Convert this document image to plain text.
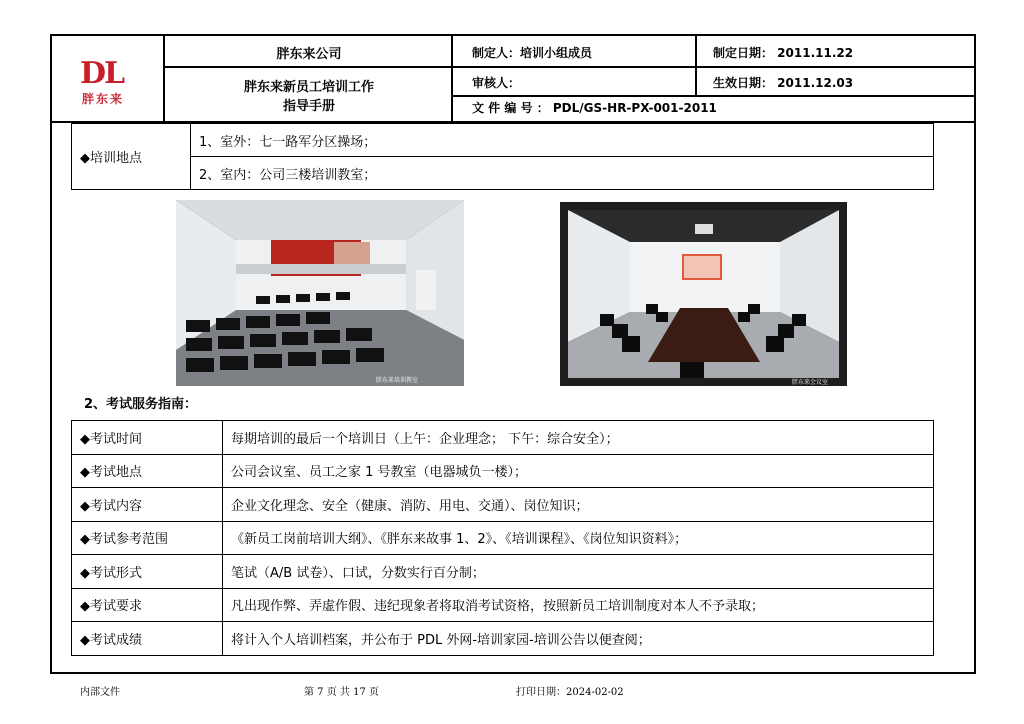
DL
胖东来
胖东来公司
胖东来新员工培训工作
指导手册
制定人：培训小组成员
审核人：
文 件 编 号 ： PDL/GS-HR-PX-001-2011
制定日期： 2011.11.22
生效日期： 2011.12.03
◆培训地点	1、室外：七一路军分区操场；
2、室内：公司三楼培训教室；
胖东来培训教室	胖东来会议室
2、考试服务指南：
◆考试时间	每期培训的最后一个培训日（上午：企业理念； 下午：综合安全）；
◆考试地点	公司会议室、员工之家 1 号教室（电器城负一楼）；
◆考试内容	企业文化理念、安全（健康、消防、用电、交通）、岗位知识；
◆考试参考范围	《新员工岗前培训大纲》、《胖东来故事 1、2》、《培训课程》、《岗位知识资料》；
◆考试形式	笔试（A/B 试卷）、口试，分数实行百分制；
◆考试要求	凡出现作弊、弄虚作假、违纪现象者将取消考试资格，按照新员工培训制度对本人不予录取；
◆考试成绩	将计入个人培训档案，并公布于 PDL 外网-培训家园-培训公告以便查阅；
内部文件	第 7 页 共 17 页	打印日期：2024-02-02
